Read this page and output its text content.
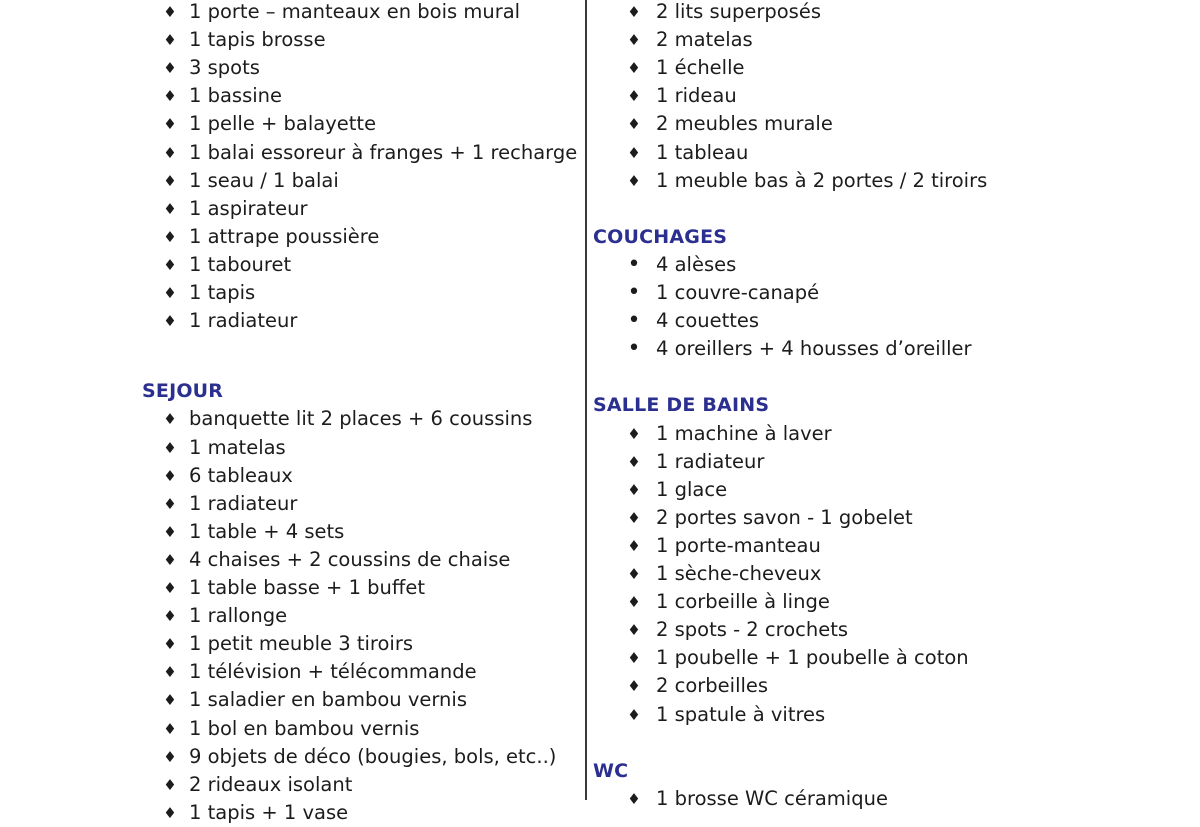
♦ 1 porte – manteaux en bois mural
♦ 1 tapis brosse
♦ 3 spots
♦ 1 bassine
♦ 1 pelle + balayette
♦ 1 balai essoreur à franges + 1 recharge
♦ 1 seau / 1 balai
♦ 1 aspirateur
♦ 1 attrape poussière
♦ 1 tabouret
♦ 1 tapis
♦ 1 radiateur
SEJOUR
♦ banquette lit 2 places + 6 coussins
♦ 1 matelas
♦ 6 tableaux
♦ 1 radiateur
♦ 1 table + 4 sets
♦ 4 chaises + 2 coussins de chaise
♦ 1 table basse + 1 buffet
♦ 1 rallonge
♦ 1 petit meuble 3 tiroirs
♦ 1 télévision + télécommande
♦ 1 saladier en bambou vernis
♦ 1 bol en bambou vernis
♦ 9 objets de déco (bougies, bols, etc..)
♦ 2 rideaux isolant
♦ 1 tapis + 1 vase
♦ 2 lits superposés
♦ 2 matelas
♦ 1 échelle
♦ 1 rideau
♦ 2 meubles murale
♦ 1 tableau
♦ 1 meuble bas à 2 portes / 2 tiroirs
COUCHAGES
• 4 alèses
• 1 couvre-canapé
• 4 couettes
• 4 oreillers + 4 housses d’oreiller
SALLE DE BAINS
♦ 1 machine à laver
♦ 1 radiateur
♦ 1 glace
♦ 2 portes savon - 1 gobelet
♦ 1 porte-manteau
♦ 1 sèche-cheveux
♦ 1 corbeille à linge
♦ 2 spots - 2 crochets
♦ 1 poubelle + 1 poubelle à coton
♦ 2 corbeilles
♦ 1 spatule à vitres
WC
♦ 1 brosse WC céramique
